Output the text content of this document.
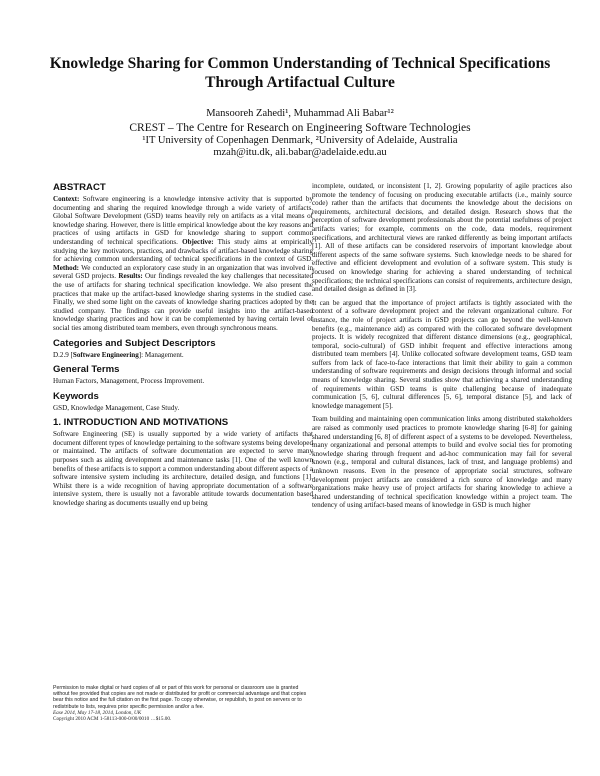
Knowledge Sharing for Common Understanding of Technical Specifications Through Artifactual Culture
Mansooreh Zahedi¹, Muhammad Ali Babar¹²
CREST – The Centre for Research on Engineering Software Technologies
¹IT University of Copenhagen Denmark, ²University of Adelaide, Australia
mzah@itu.dk, ali.babar@adelaide.edu.au
ABSTRACT

Context: Software engineering is a knowledge intensive activity that is supported by documenting and sharing the required knowledge through a wide variety of artifacts. Global Software Development (GSD) teams heavily rely on artifacts as a vital means of knowledge sharing. However, there is little empirical knowledge about the key reasons and practices of using artifacts in GSD for knowledge sharing to support common understanding of technical specifications. Objective: This study aims at empirically studying the key motivators, practices, and drawbacks of artifact-based knowledge sharing for achieving common understanding of technical specifications in the context of GSD. Method: We conducted an exploratory case study in an organization that was involved in several GSD projects. Results: Our findings revealed the key challenges that necessitated the use of artifacts for sharing technical specification knowledge. We also present the practices that make up the artifact-based knowledge sharing systems in the studied case. Finally, we shed some light on the caveats of knowledge sharing practices adopted by the studied company. The findings can provide useful insights into the artifact-based knowledge sharing practices and how it can be complemented by having certain level of social ties among distributed team members, even through synchronous means.

Categories and Subject Descriptors

D.2.9 [Software Engineering]: Management.

General Terms

Human Factors, Management, Process Improvement.

Keywords

GSD, Knowledge Management, Case Study.

1. INTRODUCTION AND MOTIVATIONS

Software Engineering (SE) is usually supported by a wide variety of artifacts that document different types of knowledge pertaining to the software systems being developed or maintained. The artifacts of software documentation are expected to serve many purposes such as aiding development and maintenance tasks [1]. One of the well known benefits of these artifacts is to support a common understanding about different aspects of a software intensive system including its architecture, detailed design, and functions [1]. Whilst there is a wide recognition of having appropriate documentation of a software intensive system, there is usually not a favorable attitude towards documentation based knowledge sharing as documents usually end up being

incomplete, outdated, or inconsistent [1, 2]. Growing popularity of agile practices also promote the tendency of focusing on producing executable artifacts (i.e., mainly source code) rather than the artifacts that documents the knowledge about the decisions on requirements, architectural decisions, and detailed design. Research shows that the perception of software development professionals about the potential usefulness of project artifacts varies; for example, comments on the code, data models, requirement specifications, and architectural views are ranked differently as being important artifacts [1]. All of these artifacts can be considered reservoirs of important knowledge about different aspects of the same software systems. Such knowledge needs to be shared for effective and efficient development and evolution of a software system. This study is focused on knowledge sharing for achieving a shared understanding of technical specifications; the technical specifications can consist of requirements, architecture design, and detailed design as defined in [3].

It can be argued that the importance of project artifacts is tightly associated with the context of a software development project and the relevant organizational culture. For instance, the role of project artifacts in GSD projects can go beyond the well-known benefits (e.g., maintenance aid) as compared with the collocated software development projects. It is widely recognized that different distance dimensions (e.g., geographical, temporal, socio-cultural) of GSD inhibit frequent and effective interactions among distributed team members [4]. Unlike collocated software development teams, GSD team suffers from lack of face-to-face interactions that limit their ability to gain a common understanding of software requirements and design decisions through informal and social means of knowledge sharing. Several studies show that achieving a shared understanding of requirements within GSD teams is quite challenging because of inadequate communication [5, 6], cultural differences [5, 6], temporal distance [5], and lack of knowledge management [5].

Team building and maintaining open communication links among distributed stakeholders are raised as commonly used practices to promote knowledge sharing [6-8] for gaining shared understanding [6, 8] of different aspect of a systems to be developed. Nevertheless, many organizational and personal attempts to build and evolve social ties for promoting knowledge sharing through frequent and ad-hoc communication may fail for several known (e.g., temporal and cultural distances, lack of trust, and language problems) and unknown reasons. Even in the presence of appropriate social structures, software development project artifacts are considered a rich source of knowledge and many organizations make heavy use of project artifacts for sharing knowledge to achieve a shared understanding of technical specification knowledge within a project team. The tendency of using artifact-based means of knowledge in GSD is much higher

Permission to make digital or hard copies of all or part of this work for personal or classroom use is granted without fee provided that copies are not made or distributed for profit or commercial advantage and that copies bear this notice and the full citation on the first page. To copy otherwise, or republish, to post on servers or to redistribute to lists, requires prior specific permission and/or a fee.
Ease 2014, May 17-18, 2014, London, UK
Copyright 2010 ACM 1-58113-000-0/00/0010 …$15.00.
